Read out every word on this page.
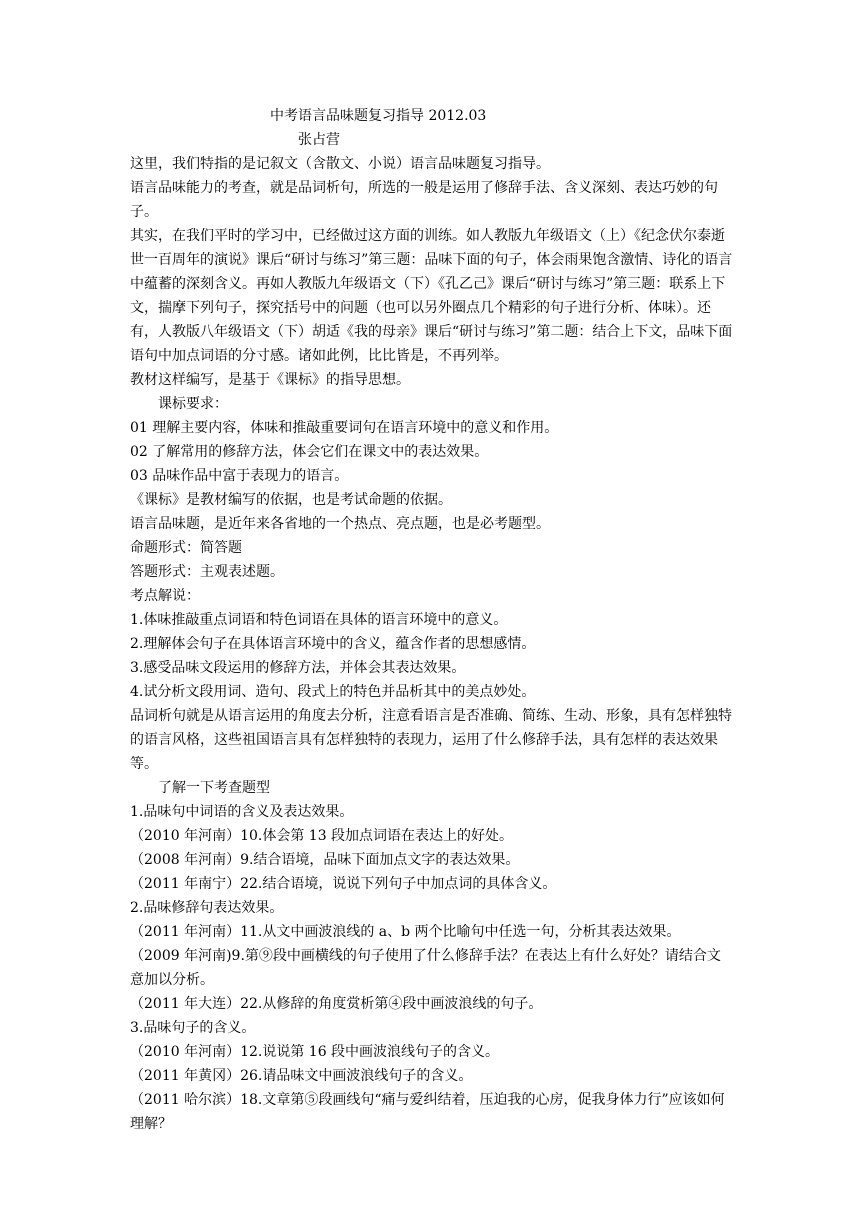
中考语言品味题复习指导 2012.03

张占营

这里，我们特指的是记叙文（含散文、小说）语言品味题复习指导。

语言品味能力的考查，就是品词析句，所选的一般是运用了修辞手法、含义深刻、表达巧妙的句子。

其实，在我们平时的学习中，已经做过这方面的训练。如人教版九年级语文（上）《纪念伏尔泰逝世一百周年的演说》课后“研讨与练习”第三题：品味下面的句子，体会雨果饱含激情、诗化的语言中蕴蓄的深刻含义。再如人教版九年级语文（下）《孔乙己》课后“研讨与练习”第三题：联系上下文，揣摩下列句子，探究括号中的问题（也可以另外圈点几个精彩的句子进行分析、体味）。还有，人教版八年级语文（下）胡适《我的母亲》课后“研讨与练习”第二题：结合上下文，品味下面语句中加点词语的分寸感。诸如此例，比比皆是，不再列举。

教材这样编写，是基于《课标》的指导思想。

课标要求：

01 理解主要内容，体味和推敲重要词句在语言环境中的意义和作用。

02 了解常用的修辞方法，体会它们在课文中的表达效果。

03 品味作品中富于表现力的语言。

《课标》是教材编写的依据，也是考试命题的依据。

语言品味题，是近年来各省地的一个热点、亮点题，也是必考题型。

命题形式：简答题

答题形式：主观表述题。

考点解说：

1.体味推敲重点词语和特色词语在具体的语言环境中的意义。

2.理解体会句子在具体语言环境中的含义，蕴含作者的思想感情。

3.感受品味文段运用的修辞方法，并体会其表达效果。

4.试分析文段用词、造句、段式上的特色并品析其中的美点妙处。

品词析句就是从语言运用的角度去分析，注意看语言是否准确、简练、生动、形象，具有怎样独特的语言风格，这些祖国语言具有怎样独特的表现力，运用了什么修辞手法，具有怎样的表达效果等。

了解一下考查题型

1.品味句中词语的含义及表达效果。

（2010 年河南）10.体会第 13 段加点词语在表达上的好处。

（2008 年河南）9.结合语境，品味下面加点文字的表达效果。

（2011 年南宁）22.结合语境，说说下列句子中加点词的具体含义。

2.品味修辞句表达效果。

（2011 年河南）11.从文中画波浪线的 a、b 两个比喻句中任选一句，分析其表达效果。

（2009 年河南)9.第⑨段中画横线的句子使用了什么修辞手法？在表达上有什么好处？请结合文意加以分析。

（2011 年大连）22.从修辞的角度赏析第④段中画波浪线的句子。

3.品味句子的含义。

（2010 年河南）12.说说第 16 段中画波浪线句子的含义。

（2011 年黄冈）26.请品味文中画波浪线句子的含义。

（2011 哈尔滨）18.文章第⑤段画线句“痛与爱纠结着，压迫我的心房，促我身体力行”应该如何理解？
